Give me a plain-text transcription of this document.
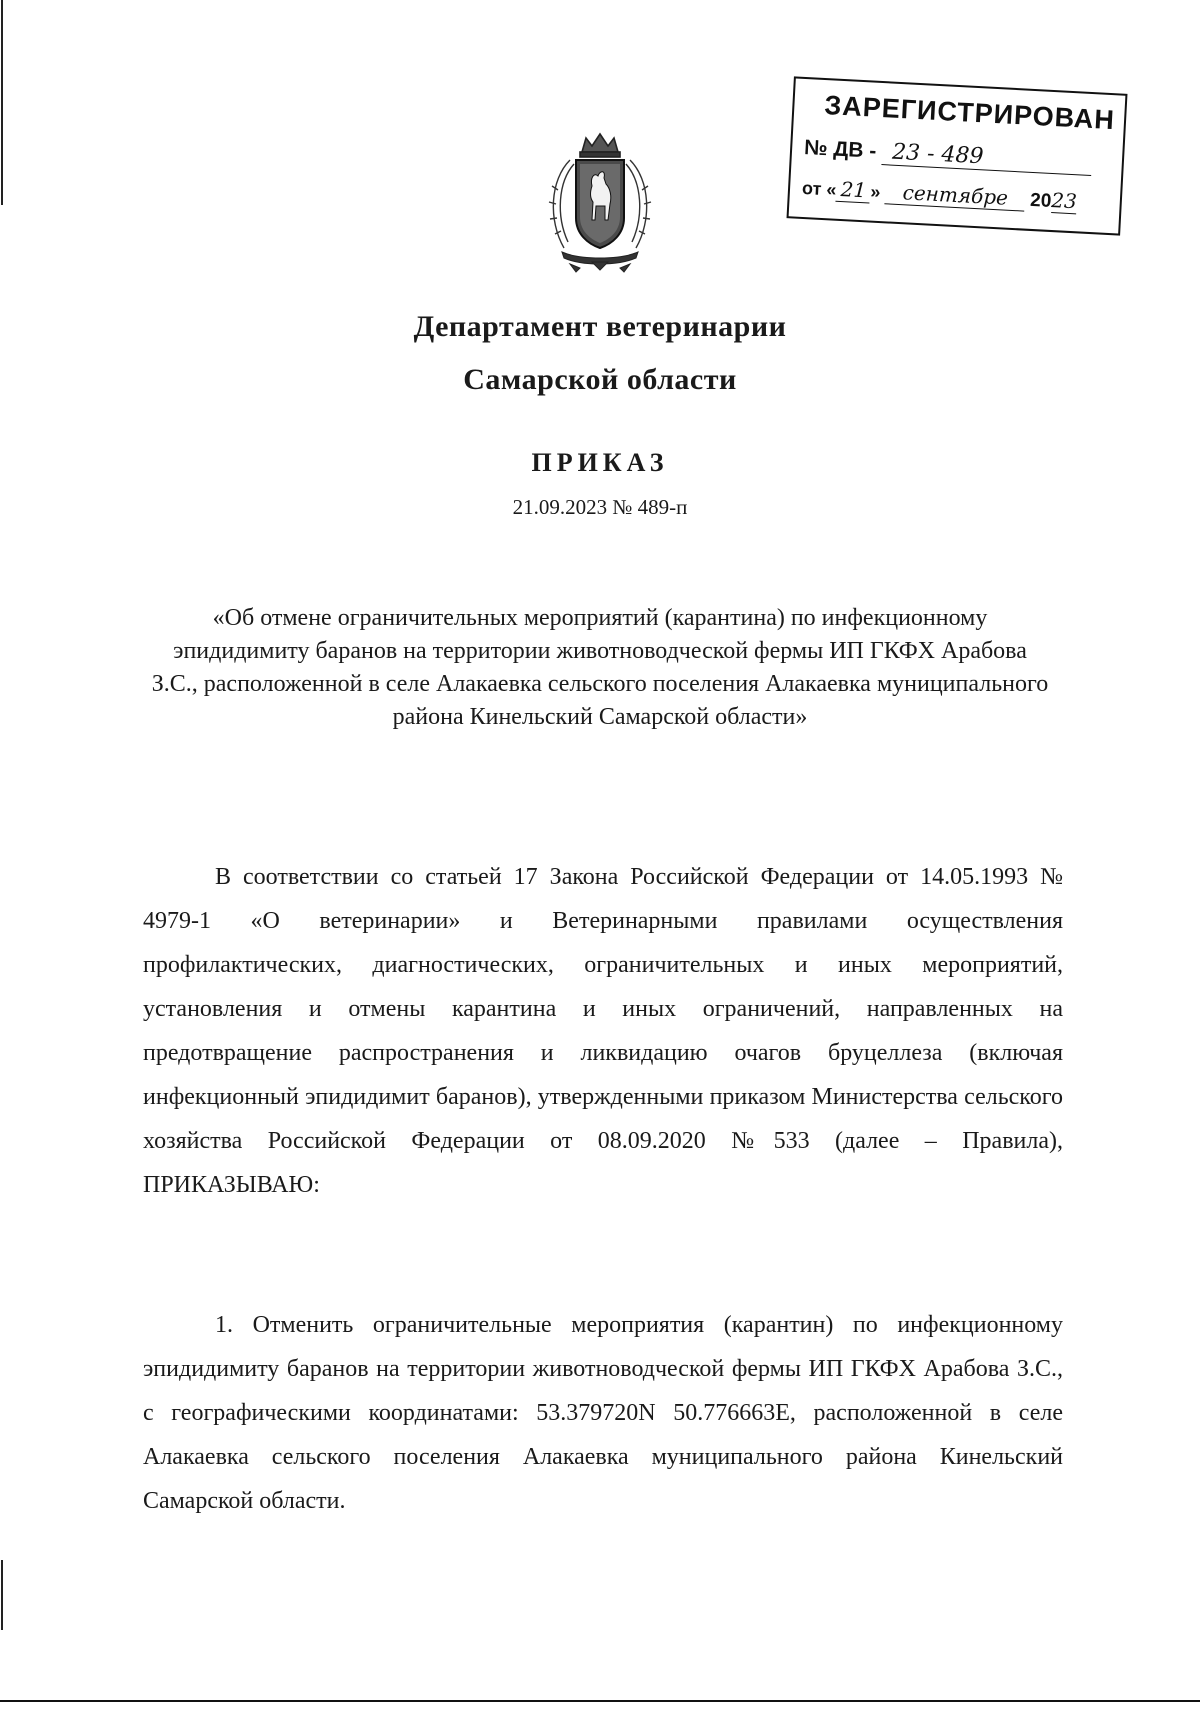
ЗАРЕГИСТРИРОВАН
№ ДВ - 23 - 489
от « 21 » сентябре 2023
Департамент ветеринарии
Самарской области
ПРИКАЗ
21.09.2023 № 489-п
«Об отмене ограничительных мероприятий (карантина) по инфекционному эпидидимиту баранов на территории животноводческой фермы ИП ГКФХ Арабова З.С., расположенной в селе Алакаевка сельского поселения Алакаевка муниципального района Кинельский Самарской области»
В соответствии со статьей 17 Закона Российской Федерации от 14.05.1993 № 4979-1 «О ветеринарии» и Ветеринарными правилами осуществления профилактических, диагностических, ограничительных и иных мероприятий, установления и отмены карантина и иных ограничений, направленных на предотвращение распространения и ликвидацию очагов бруцеллеза (включая инфекционный эпидидимит баранов), утвержденными приказом Министерства сельского хозяйства Российской Федерации от 08.09.2020 №533 (далее – Правила), ПРИКАЗЫВАЮ:
1. Отменить ограничительные мероприятия (карантин) по инфекционному эпидидимиту баранов на территории животноводческой фермы ИП ГКФХ Арабова З.С., с географическими координатами: 53.379720N 50.776663E, расположенной в селе Алакаевка сельского поселения Алакаевка муниципального района Кинельский Самарской области.
